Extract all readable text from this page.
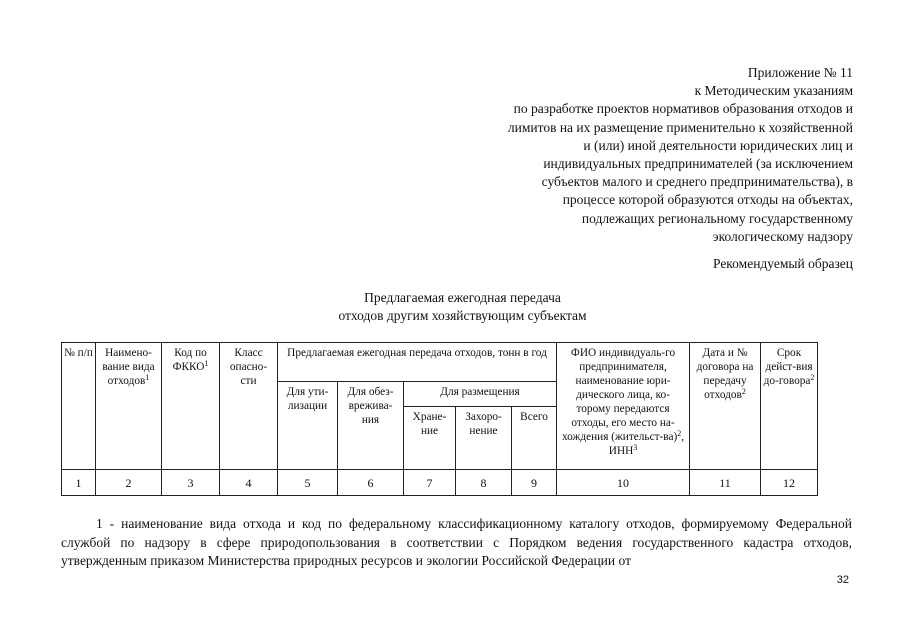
Приложение № 11
к Методическим указаниям
по разработке проектов нормативов образования отходов и
лимитов на их размещение применительно к хозяйственной
и (или) иной деятельности юридических лиц и
индивидуальных предпринимателей (за исключением
субъектов малого и среднего предпринимательства), в
процессе которой образуются отходы на объектах,
подлежащих региональному государственному
экологическому надзору
Рекомендуемый образец
Предлагаемая ежегодная передача
отходов другим хозяйствующим субъектам
№ п/п	Наимено-вание вида отходов$^1$	Код по ФККО$^1$	Класс опасно-сти	Предлагаемая ежегодная передача отходов, тонн в год					ФИО индивидуаль-го предпринимателя, наименование юри-дического лица, ко-торому передаются отходы, его место на-хождения (жительст-ва)$^2$, ИНН$^3$	Дата и № договора на передачу отходов$^2$	Срок дейст-вия до-говора$^2$
				Для ути-лизации	Для обез-врежива-ния	Для размещения					
						Хране-ние	Захоро-нение	Всего			
1	2	3	4	5	6	7	8	9	10	11	12
1 - наименование вида отхода и код по федеральному классификационному каталогу отходов, формируемому Федеральной службой по надзору в сфере природопользования в соответствии с Порядком ведения государственного кадастра отходов, утвержденным приказом Министерства природных ресурсов и экологии Российской Федерации от
32
